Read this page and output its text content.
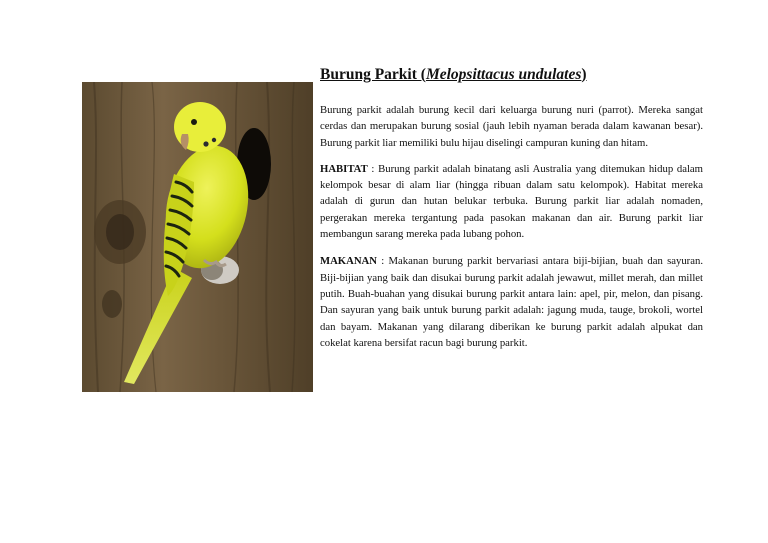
Burung Parkit (Melopsittacus undulates)

Burung parkit adalah burung kecil dari keluarga burung nuri (parrot). Mereka sangat cerdas dan merupakan burung sosial (jauh lebih nyaman berada dalam kawanan besar). Burung parkit liar memiliki bulu hijau diselingi campuran kuning dan hitam.

HABITAT : Burung parkit adalah binatang asli Australia yang ditemukan hidup dalam kelompok besar di alam liar (hingga ribuan dalam satu kelompok). Habitat mereka adalah di gurun dan hutan belukar terbuka. Burung parkit liar adalah nomaden, pergerakan mereka tergantung pada pasokan makanan dan air. Burung parkit liar membangun sarang mereka pada lubang pohon.

MAKANAN : Makanan burung parkit bervariasi antara biji-bijian, buah dan sayuran. Biji-bijian yang baik dan disukai burung parkit adalah jewawut, millet merah, dan millet putih. Buah-buahan yang disukai burung parkit antara lain: apel, pir, melon, dan pisang. Dan sayuran yang baik untuk burung parkit adalah: jagung muda, tauge, brokoli, wortel dan bayam. Makanan yang dilarang diberikan ke burung parkit adalah alpukat dan cokelat karena bersifat racun bagi burung parkit.
